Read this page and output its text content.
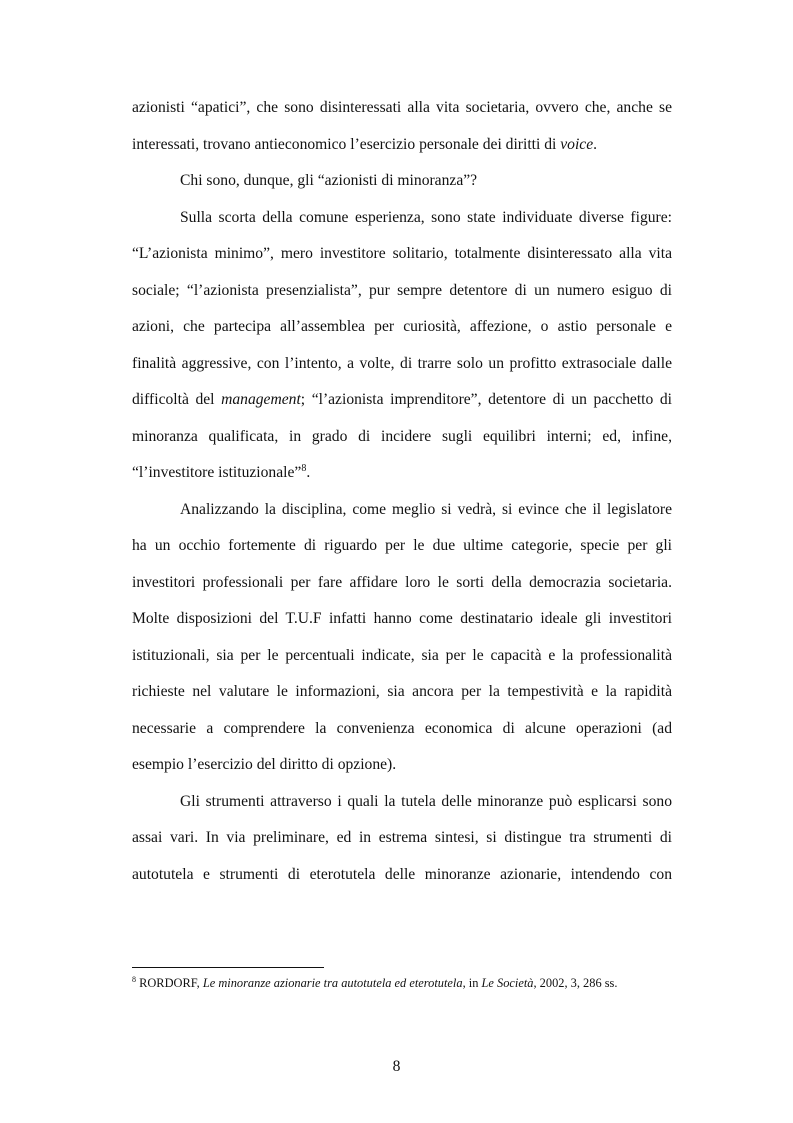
azionisti “apatici”, che sono disinteressati alla vita societaria, ovvero che, anche se
interessati, trovano antieconomico l’esercizio personale dei diritti di voice.
Chi sono, dunque, gli “azionisti di minoranza”?
Sulla scorta della comune esperienza, sono state individuate diverse figure:
“L’azionista minimo”, mero investitore solitario, totalmente disinteressato alla vita
sociale; “l’azionista presenzialista”, pur sempre detentore di un numero esiguo di
azioni, che partecipa all’assemblea per curiosità, affezione, o astio personale e
finalità aggressive, con l’intento, a volte, di trarre solo un profitto extrasociale dalle
difficoltà del management; “l’azionista imprenditore”, detentore di un pacchetto di
minoranza qualificata, in grado di incidere sugli equilibri interni; ed, infine,
“l’investitore istituzionale”$^8$.
Analizzando la disciplina, come meglio si vedrà, si evince che il legislatore
ha un occhio fortemente di riguardo per le due ultime categorie, specie per gli
investitori professionali per fare affidare loro le sorti della democrazia societaria.
Molte disposizioni del T.U.F infatti hanno come destinatario ideale gli investitori
istituzionali, sia per le percentuali indicate, sia per le capacità e la professionalità
richieste nel valutare le informazioni, sia ancora per la tempestività e la rapidità
necessarie a comprendere la convenienza economica di alcune operazioni (ad
esempio l’esercizio del diritto di opzione).
Gli strumenti attraverso i quali la tutela delle minoranze può esplicarsi sono
assai vari. In via preliminare, ed in estrema sintesi, si distingue tra strumenti di
autotutela e strumenti di eterotutela delle minoranze azionarie, intendendo con
$^8$ RORDORF, Le minoranze azionarie tra autotutela ed eterotutela, in Le Società, 2002, 3, 286 ss.
8
